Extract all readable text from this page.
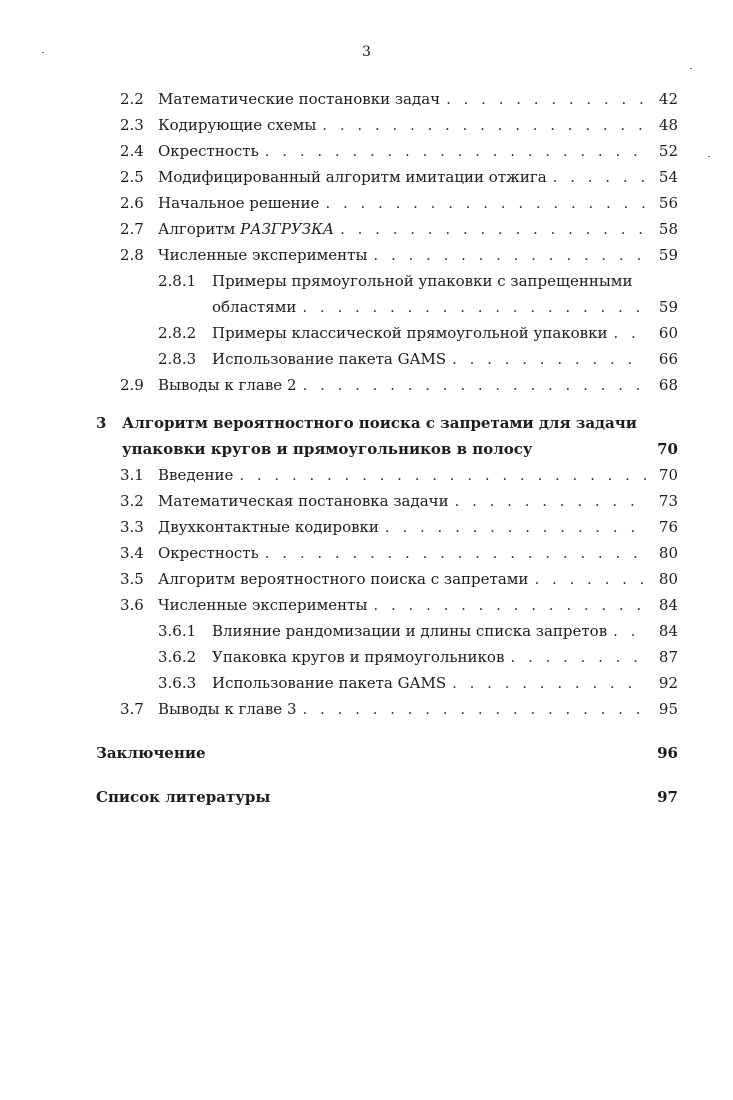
3
2.2 Математические постановки задач . . .	42
2.3 Кодирующие схемы . . .	48
2.4 Окрестность . . .	52
2.5 Модифицированный алгоритм имитации отжига . . .	54
2.6 Начальное решение . . .	56
2.7 Алгоритм РАЗГРУЗКА . . .	58
2.8 Численные эксперименты . . .	59
2.8.1	Примеры прямоугольной упаковки с запрещенными
областями . . .	59
2.8.2	Примеры классической прямоугольной упаковки . . .	60
2.8.3	Использование пакета GAMS . . .	66
2.9 Выводы к главе 2 . . .	68
3	Алгоритм вероятностного поиска с запретами для задачи
упаковки кругов и прямоугольников в полосу	70
3.1 Введение . . .	70
3.2 Математическая постановка задачи . . .	73
3.3 Двухконтактные кодировки . . .	76
3.4 Окрестность . . .	80
3.5 Алгоритм вероятностного поиска с запретами . . .	80
3.6 Численные эксперименты . . .	84
3.6.1	Влияние рандомизации и длины списка запретов . . .	84
3.6.2	Упаковка кругов и прямоугольников . . .	87
3.6.3	Использование пакета GAMS . . .	92
3.7 Выводы к главе 3 . . .	95
Заключение	96
Список литературы	97
